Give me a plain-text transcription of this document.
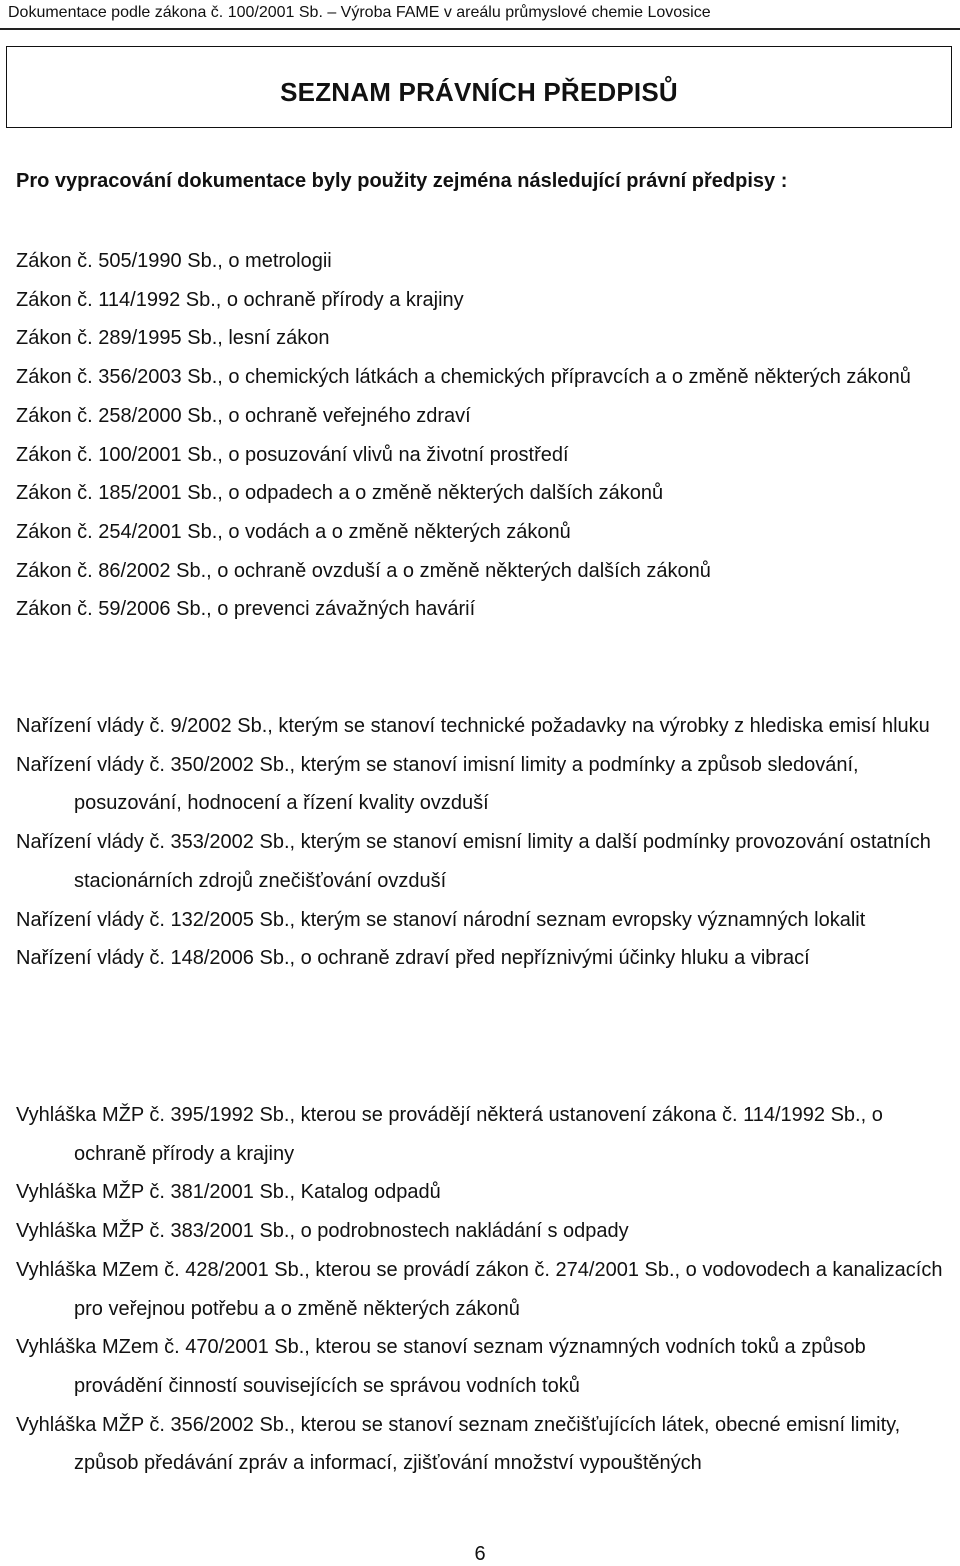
Dokumentace podle zákona č. 100/2001 Sb. – Výroba FAME v areálu průmyslové chemie Lovosice
SEZNAM PRÁVNÍCH PŘEDPISŮ
Pro vypracování dokumentace byly použity zejména následující právní předpisy :
Zákon č. 505/1990 Sb., o metrologii
Zákon č. 114/1992 Sb., o ochraně přírody a krajiny
Zákon č. 289/1995 Sb., lesní zákon
Zákon č. 356/2003 Sb., o chemických látkách a chemických přípravcích a o změně některých zákonů
Zákon č. 258/2000 Sb., o ochraně veřejného zdraví
Zákon č. 100/2001 Sb., o posuzování vlivů na životní prostředí
Zákon č. 185/2001 Sb., o odpadech a o změně některých dalších zákonů
Zákon č. 254/2001 Sb., o vodách a o změně některých zákonů
Zákon č. 86/2002 Sb., o ochraně ovzduší a o změně některých dalších zákonů
Zákon č. 59/2006 Sb., o prevenci závažných havárií
Nařízení vlády č. 9/2002 Sb., kterým se stanoví technické požadavky na výrobky z hlediska emisí hluku
Nařízení vlády č. 350/2002 Sb., kterým se stanoví imisní limity a podmínky a způsob sledování, posuzování, hodnocení a řízení kvality ovzduší
Nařízení vlády č. 353/2002 Sb., kterým se stanoví emisní limity a další podmínky provozování ostatních stacionárních zdrojů znečišťování ovzduší
Nařízení vlády č. 132/2005 Sb., kterým se stanoví národní seznam evropsky významných lokalit
Nařízení vlády č. 148/2006 Sb., o ochraně zdraví před nepříznivými účinky hluku a vibrací
Vyhláška MŽP č. 395/1992 Sb., kterou se provádějí některá ustanovení zákona č. 114/1992 Sb., o ochraně přírody a krajiny
Vyhláška MŽP č. 381/2001 Sb., Katalog odpadů
Vyhláška MŽP č. 383/2001 Sb., o podrobnostech nakládání s odpady
Vyhláška MZem č. 428/2001 Sb., kterou se provádí zákon č. 274/2001 Sb., o vodovodech a kanalizacích pro veřejnou potřebu a o změně některých zákonů
Vyhláška MZem č. 470/2001 Sb., kterou se stanoví seznam významných vodních toků a způsob provádění činností souvisejících se správou vodních toků
Vyhláška MŽP č. 356/2002 Sb., kterou se stanoví seznam znečišťujících látek, obecné emisní limity, způsob předávání zpráv a informací, zjišťování množství vypouštěných
6
